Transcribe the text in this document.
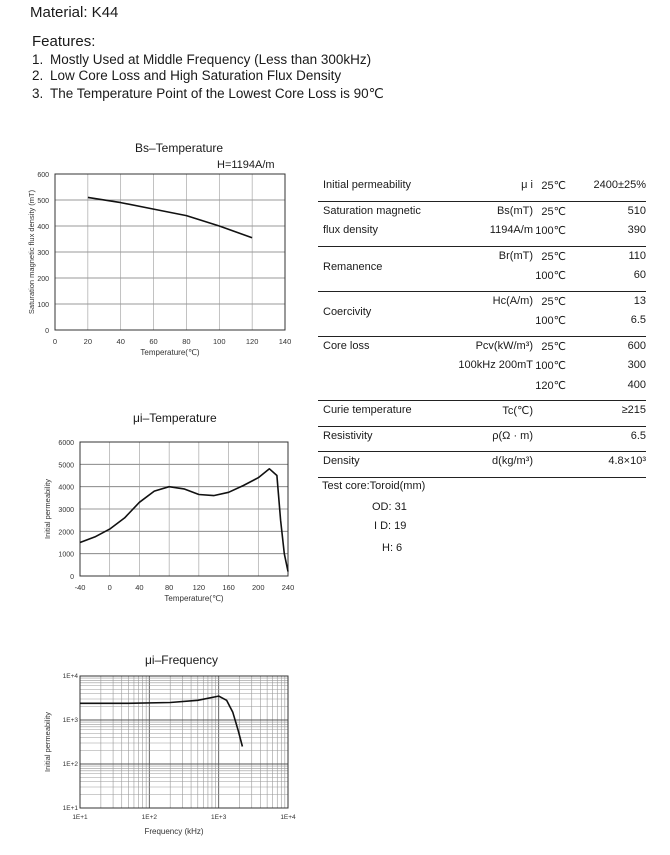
Material: K44
Features:
1. Mostly Used at Middle Frequency (Less than 300kHz)
2. Low Core Loss and High Saturation Flux Density
3. The Temperature Point of the Lowest Core Loss is 90℃
Bs–Temperature
H=1194A/m
0
100
200
300
400
500
600
0	20	40	60	80	100	120	140
Temperature(℃)
Saturation magnetic flux density (mT)
μi–Temperature
0
1000
2000
3000
4000
5000
6000
-40	0	40	80	120 160 200 240
Temperature(℃)
Initial permeability
μi–Frequency
1E+1	1E+2	1E+3	1E+4
1E+1
1E+2
1E+3
1E+4
Frequency (kHz)
Initial permeability
Initial permeability	μ i 25℃	2400±25%
Saturation magnetic
flux density
Bs(mT) 25℃	510
1194A/m 100℃	390
Remanence
Br(mT) 25℃	110
100℃	60
Coercivity
Hc(A/m) 25℃	13
100℃	6.5
Core loss	Pcv(kW/m³) 25℃	600
100kHz 200mT 100℃	300
120℃	400
Curie temperature	Tc(℃)	≥215
Resistivity	ρ(Ω · m)	6.5
Density	d(kg/m³)	4.8×10³
Test core:Toroid(mm)
OD: 31
I D: 19
H: 6
